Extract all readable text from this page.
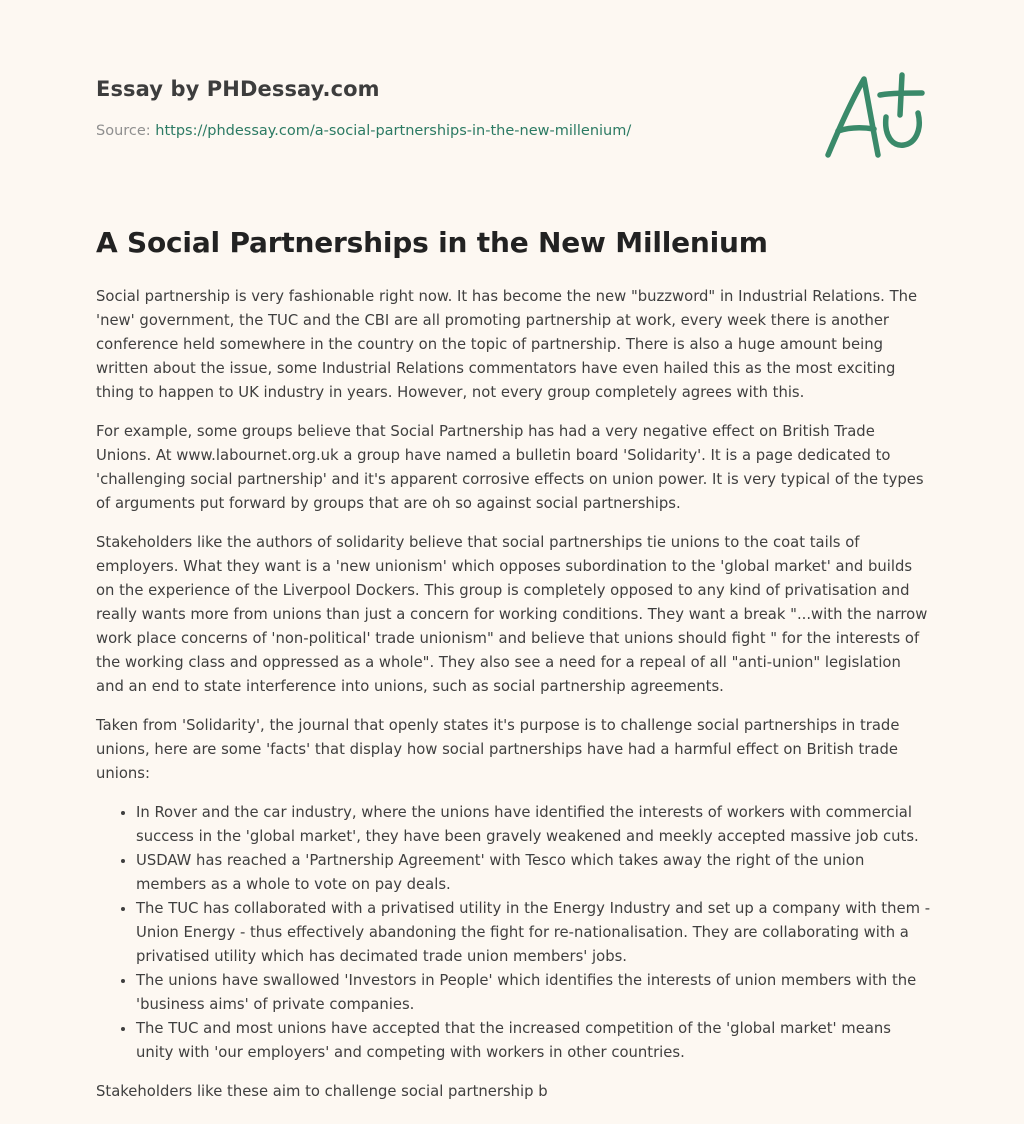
Essay by PHDessay.com
Source: https://phdessay.com/a-social-partnerships-in-the-new-millenium/
A Social Partnerships in the New Millenium

Social partnership is very fashionable right now. It has become the new "buzzword" in Industrial Relations. The 'new' government, the TUC and the CBI are all promoting partnership at work, every week there is another conference held somewhere in the country on the topic of partnership. There is also a huge amount being written about the issue, some Industrial Relations commentators have even hailed this as the most exciting thing to happen to UK industry in years. However, not every group completely agrees with this.

For example, some groups believe that Social Partnership has had a very negative effect on British Trade Unions. At www.labournet.org.uk a group have named a bulletin board 'Solidarity'. It is a page dedicated to 'challenging social partnership' and it's apparent corrosive effects on union power. It is very typical of the types of arguments put forward by groups that are oh so against social partnerships.

Stakeholders like the authors of solidarity believe that social partnerships tie unions to the coat tails of employers. What they want is a 'new unionism' which opposes subordination to the 'global market' and builds on the experience of the Liverpool Dockers. This group is completely opposed to any kind of privatisation and really wants more from unions than just a concern for working conditions. They want a break "...with the narrow work place concerns of 'non-political' trade unionism" and believe that unions should fight " for the interests of the working class and oppressed as a whole". They also see a need for a repeal of all "anti-union" legislation and an end to state interference into unions, such as social partnership agreements.

Taken from 'Solidarity', the journal that openly states it's purpose is to challenge social partnerships in trade unions, here are some 'facts' that display how social partnerships have had a harmful effect on British trade unions:

• In Rover and the car industry, where the unions have identified the interests of workers with commercial success in the 'global market', they have been gravely weakened and meekly accepted massive job cuts.
• USDAW has reached a 'Partnership Agreement' with Tesco which takes away the right of the union members as a whole to vote on pay deals.
• The TUC has collaborated with a privatised utility in the Energy Industry and set up a company with them - Union Energy - thus effectively abandoning the fight for re-nationalisation. They are collaborating with a privatised utility which has decimated trade union members' jobs.
• The unions have swallowed 'Investors in People' which identifies the interests of union members with the 'business aims' of private companies.
• The TUC and most unions have accepted that the increased competition of the 'global market' means unity with 'our employers' and competing with workers in other countries.

Stakeholders like these aim to challenge social partnership b
